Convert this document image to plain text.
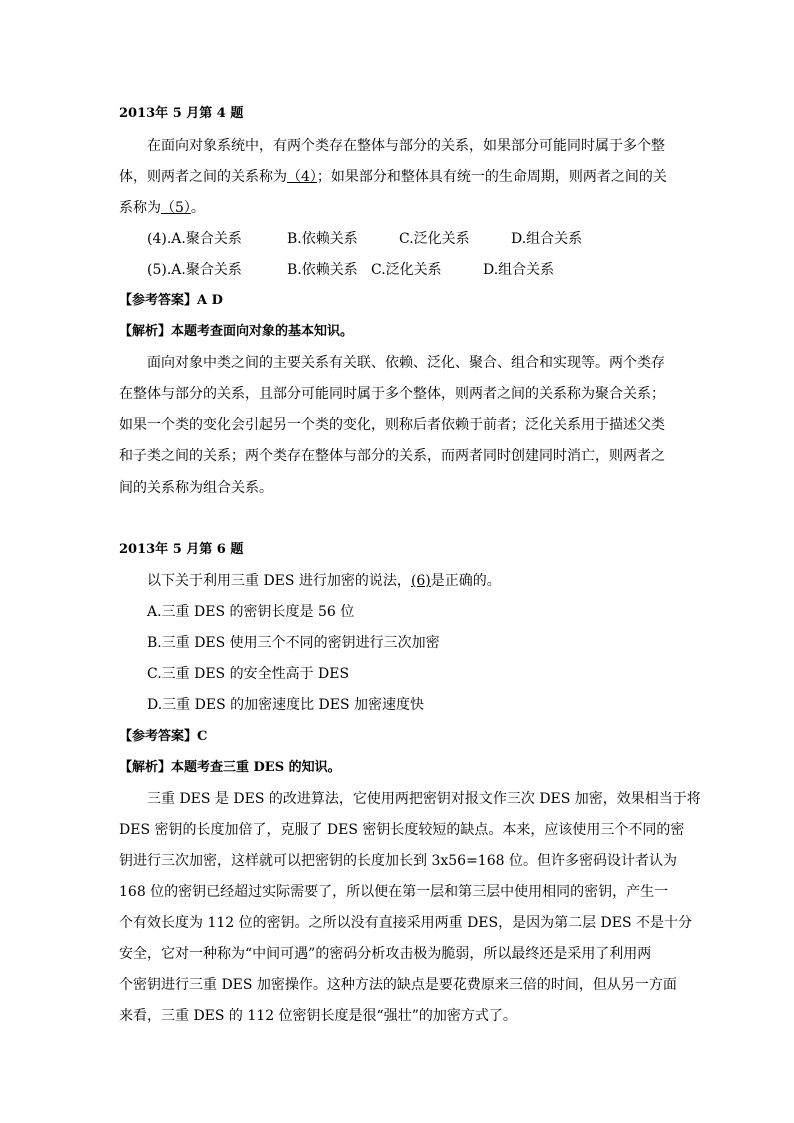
2013年 5 月第 4 题
在面向对象系统中，有两个类存在整体与部分的关系，如果部分可能同时属于多个整
体，则两者之间的关系称为（4）；如果部分和整体具有统一的生命周期，则两者之间的关
系称为（5）。
(4).A.聚合关系	B.依赖关系	C.泛化关系	D.组合关系
(5).A.聚合关系	B.依赖关系 C.泛化关系	D.组合关系
【参考答案】A D
【解析】本题考查面向对象的基本知识。
面向对象中类之间的主要关系有关联、依赖、泛化、聚合、组合和实现等。两个类存
在整体与部分的关系，且部分可能同时属于多个整体，则两者之间的关系称为聚合关系；
如果一个类的变化会引起另一个类的变化，则称后者依赖于前者；泛化关系用于描述父类
和子类之间的关系；两个类存在整体与部分的关系，而两者同时创建同时消亡，则两者之
间的关系称为组合关系。
2013年 5 月第 6 题
以下关于利用三重 DES 进行加密的说法，(6)是正确的。
A.三重 DES 的密钥长度是 56 位
B.三重 DES 使用三个不同的密钥进行三次加密
C.三重 DES 的安全性高于 DES
D.三重 DES 的加密速度比 DES 加密速度快
【参考答案】C
【解析】本题考查三重 DES 的知识。
三重 DES 是 DES 的改进算法，它使用两把密钥对报文作三次 DES 加密，效果相当于将
DES 密钥的长度加倍了，克服了 DES 密钥长度较短的缺点。本来，应该使用三个不同的密
钥进行三次加密，这样就可以把密钥的长度加长到 3x56=168 位。但许多密码设计者认为
168 位的密钥已经超过实际需要了，所以便在第一层和第三层中使用相同的密钥，产生一
个有效长度为 112 位的密钥。之所以没有直接采用两重 DES，是因为第二层 DES 不是十分
安全，它对一种称为“中间可遇”的密码分析攻击极为脆弱，所以最终还是采用了利用两
个密钥进行三重 DES 加密操作。这种方法的缺点是要花费原来三倍的时间，但从另一方面
来看，三重 DES 的 112 位密钥长度是很“强壮”的加密方式了。
